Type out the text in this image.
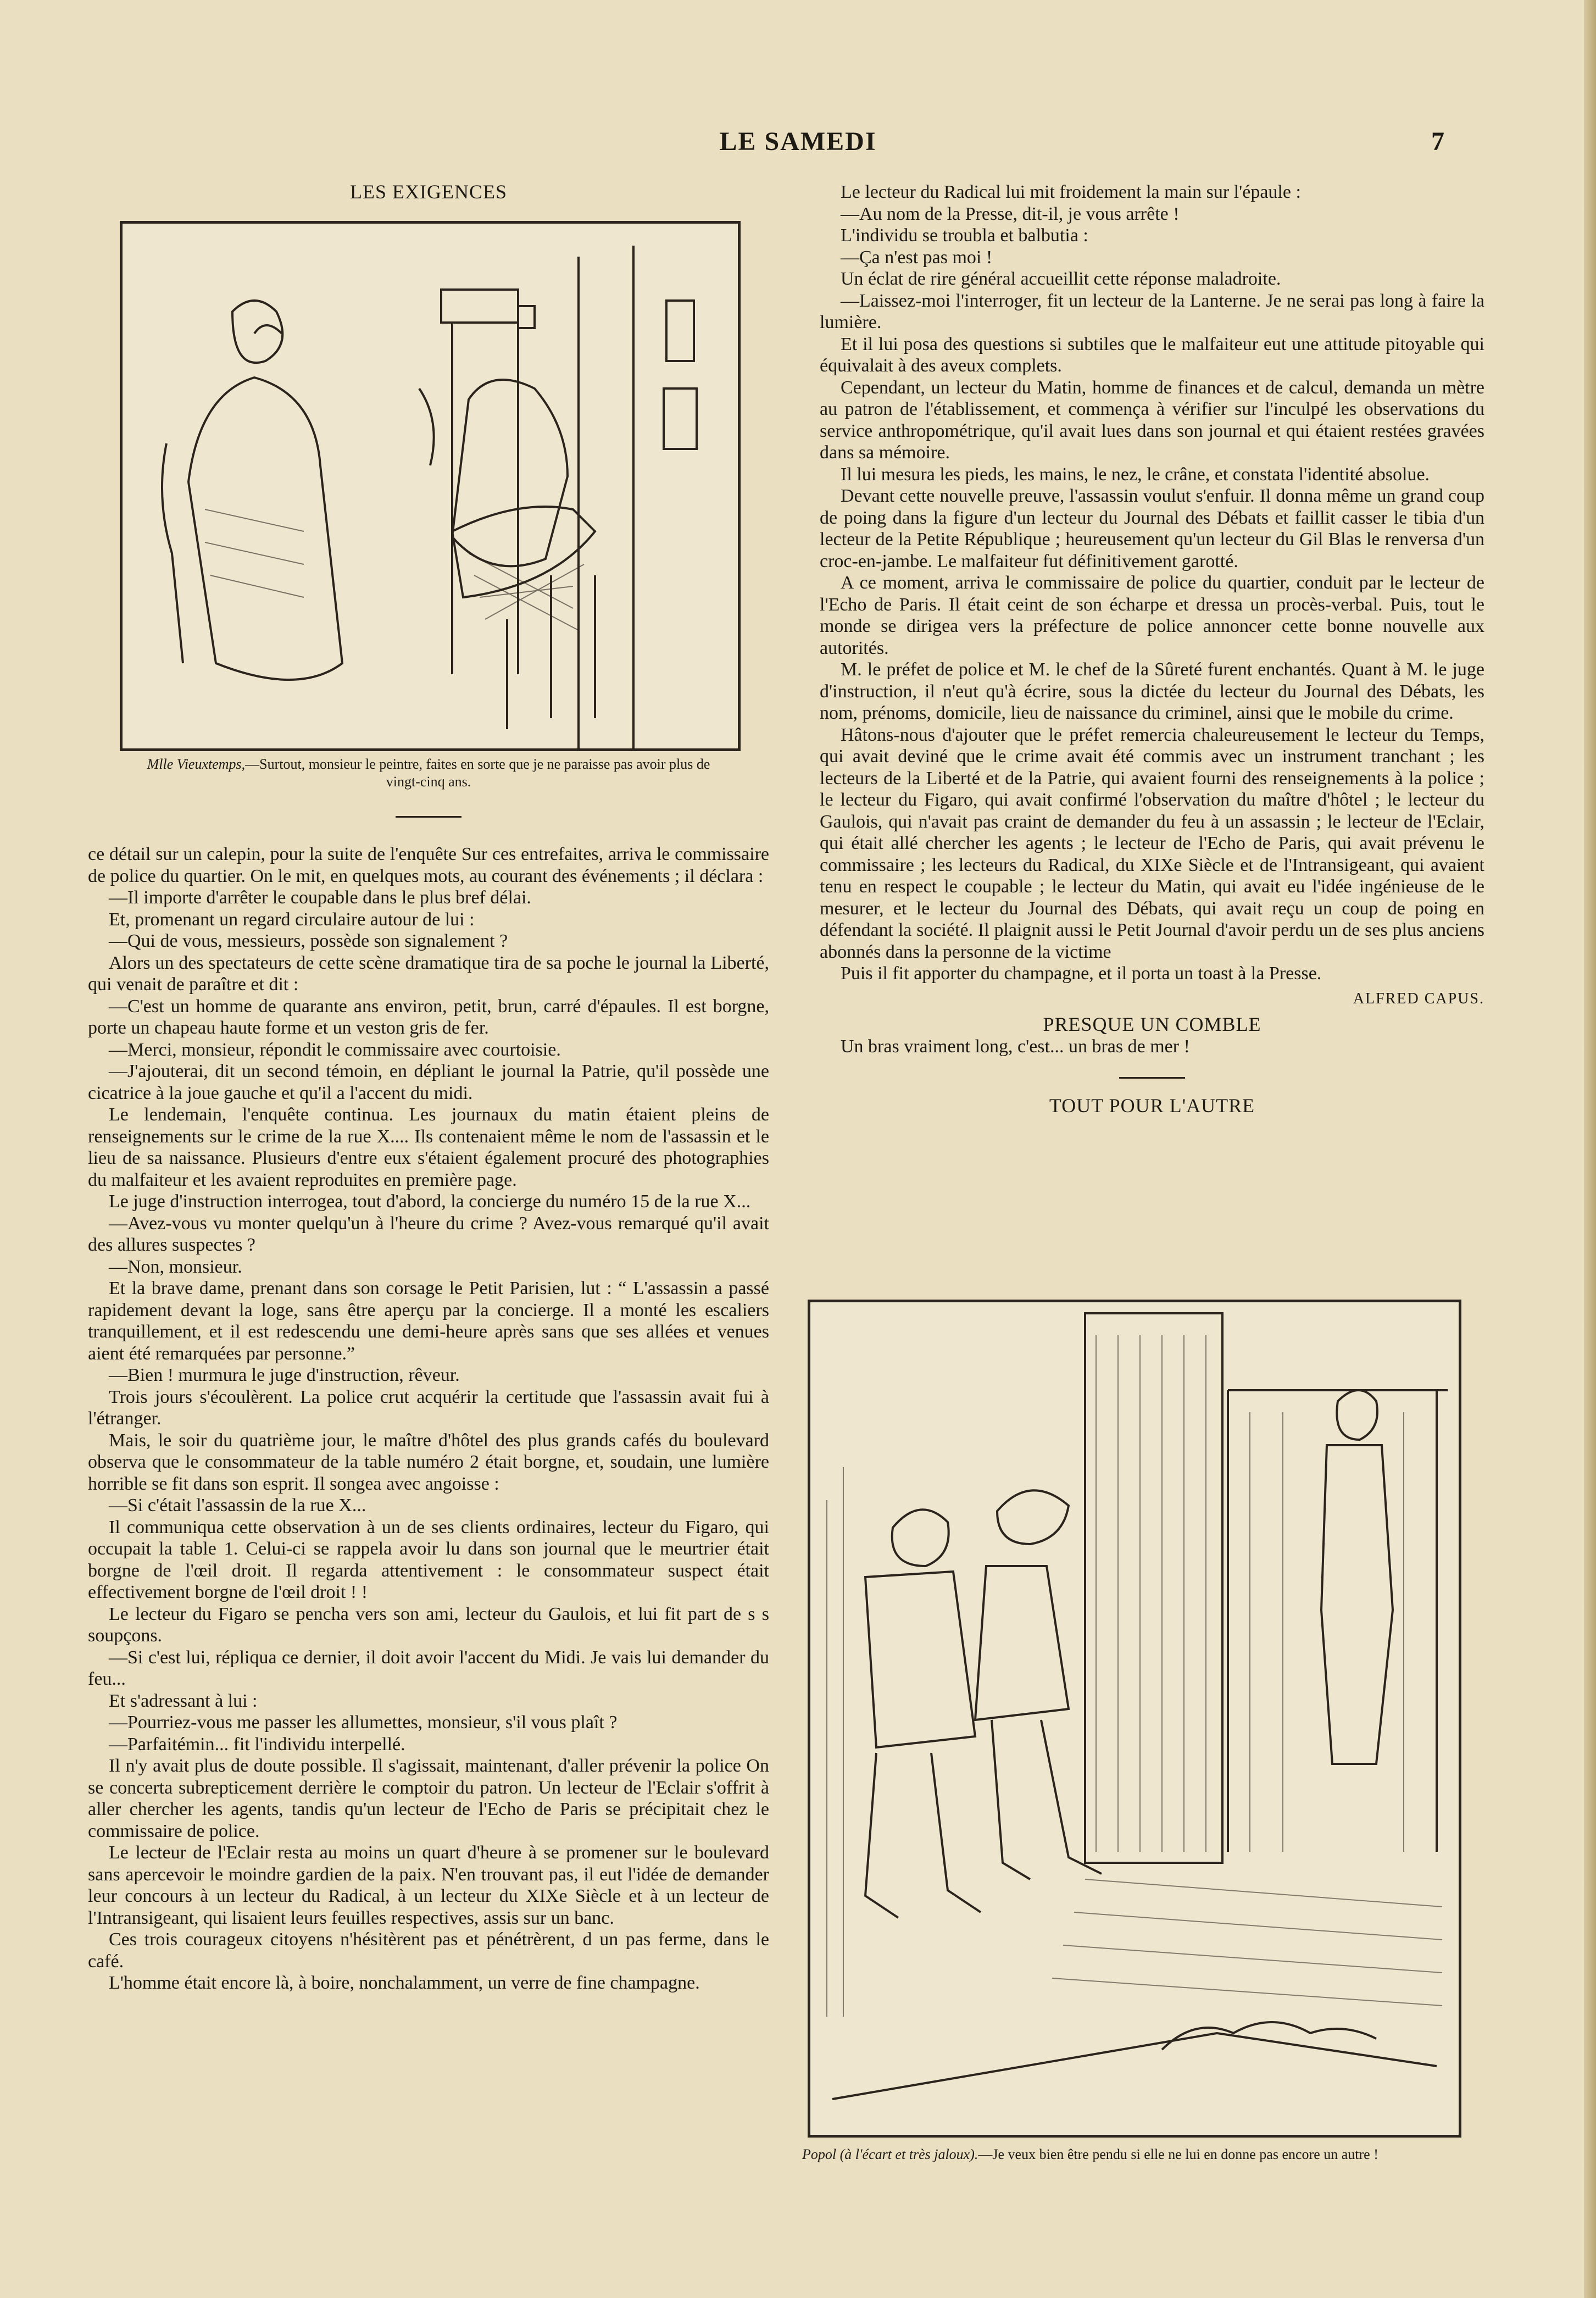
LE SAMEDI	7
LES EXIGENCES
Mlle Vieuxtemps,—Surtout, monsieur le peintre, faites en sorte que je ne paraisse pas avoir plus de vingt-cinq ans.

ce détail sur un calepin, pour la suite de l'enquête Sur ces entrefaites, arriva le commissaire de police du quartier. On le mit, en quelques mots, au courant des événements ; il déclara :

—Il importe d'arrêter le coupable dans le plus bref délai.

Et, promenant un regard circulaire autour de lui :

—Qui de vous, messieurs, possède son signalement ?

Alors un des spectateurs de cette scène dramatique tira de sa poche le journal la Liberté, qui venait de paraître et dit :

—C'est un homme de quarante ans environ, petit, brun, carré d'épaules. Il est borgne, porte un chapeau haute forme et un veston gris de fer.

—Merci, monsieur, répondit le commissaire avec courtoisie.

—J'ajouterai, dit un second témoin, en dépliant le journal la Patrie, qu'il possède une cicatrice à la joue gauche et qu'il a l'accent du midi.

Le lendemain, l'enquête continua. Les journaux du matin étaient pleins de renseignements sur le crime de la rue X.... Ils contenaient même le nom de l'assassin et le lieu de sa naissance. Plusieurs d'entre eux s'étaient également procuré des photographies du malfaiteur et les avaient reproduites en première page.

Le juge d'instruction interrogea, tout d'abord, la concierge du numéro 15 de la rue X...

—Avez-vous vu monter quelqu'un à l'heure du crime ? Avez-vous remarqué qu'il avait des allures suspectes ?

—Non, monsieur.

Et la brave dame, prenant dans son corsage le Petit Parisien, lut : “ L'assassin a passé rapidement devant la loge, sans être aperçu par la concierge. Il a monté les escaliers tranquillement, et il est redescendu une demi-heure après sans que ses allées et venues aient été remarquées par personne.”

—Bien ! murmura le juge d'instruction, rêveur.

Trois jours s'écoulèrent. La police crut acquérir la certitude que l'assassin avait fui à l'étranger.

Mais, le soir du quatrième jour, le maître d'hôtel des plus grands cafés du boulevard observa que le consommateur de la table numéro 2 était borgne, et, soudain, une lumière horrible se fit dans son esprit. Il songea avec angoisse :

—Si c'était l'assassin de la rue X...

Il communiqua cette observation à un de ses clients ordinaires, lecteur du Figaro, qui occupait la table 1. Celui-ci se rappela avoir lu dans son journal que le meurtrier était borgne de l'œil droit. Il regarda attentivement : le consommateur suspect était effectivement borgne de l'œil droit ! !

Le lecteur du Figaro se pencha vers son ami, lecteur du Gaulois, et lui fit part de s s soupçons.

—Si c'est lui, répliqua ce dernier, il doit avoir l'accent du Midi. Je vais lui demander du feu...

Et s'adressant à lui :

—Pourriez-vous me passer les allumettes, monsieur, s'il vous plaît ?

—Parfaitémin... fit l'individu interpellé.

Il n'y avait plus de doute possible. Il s'agissait, maintenant, d'aller prévenir la police On se concerta subrepticement derrière le comptoir du patron. Un lecteur de l'Eclair s'offrit à aller chercher les agents, tandis qu'un lecteur de l'Echo de Paris se précipitait chez le commissaire de police.

Le lecteur de l'Eclair resta au moins un quart d'heure à se promener sur le boulevard sans apercevoir le moindre gardien de la paix. N'en trouvant pas, il eut l'idée de demander leur concours à un lecteur du Radical, à un lecteur du XIXe Siècle et à un lecteur de l'Intransigeant, qui lisaient leurs feuilles respectives, assis sur un banc.

Ces trois courageux citoyens n'hésitèrent pas et pénétrèrent, d un pas ferme, dans le café.

L'homme était encore là, à boire, nonchalamment, un verre de fine champagne.

Le lecteur du Radical lui mit froidement la main sur l'épaule :

—Au nom de la Presse, dit-il, je vous arrête !

L'individu se troubla et balbutia :

—Ça n'est pas moi !

Un éclat de rire général accueillit cette réponse maladroite.

—Laissez-moi l'interroger, fit un lecteur de la Lanterne. Je ne serai pas long à faire la lumière.

Et il lui posa des questions si subtiles que le malfaiteur eut une attitude pitoyable qui équivalait à des aveux complets.

Cependant, un lecteur du Matin, homme de finances et de calcul, demanda un mètre au patron de l'établissement, et commença à vérifier sur l'inculpé les observations du service anthropométrique, qu'il avait lues dans son journal et qui étaient restées gravées dans sa mémoire.

Il lui mesura les pieds, les mains, le nez, le crâne, et constata l'identité absolue.

Devant cette nouvelle preuve, l'assassin voulut s'enfuir. Il donna même un grand coup de poing dans la figure d'un lecteur du Journal des Débats et faillit casser le tibia d'un lecteur de la Petite République ; heureusement qu'un lecteur du Gil Blas le renversa d'un croc-en-jambe. Le malfaiteur fut définitivement garotté.

A ce moment, arriva le commissaire de police du quartier, conduit par le lecteur de l'Echo de Paris. Il était ceint de son écharpe et dressa un procès-verbal. Puis, tout le monde se dirigea vers la préfecture de police annoncer cette bonne nouvelle aux autorités.

M. le préfet de police et M. le chef de la Sûreté furent enchantés. Quant à M. le juge d'instruction, il n'eut qu'à écrire, sous la dictée du lecteur du Journal des Débats, les nom, prénoms, domicile, lieu de naissance du criminel, ainsi que le mobile du crime.

Hâtons-nous d'ajouter que le préfet remercia chaleureusement le lecteur du Temps, qui avait deviné que le crime avait été commis avec un instrument tranchant ; les lecteurs de la Liberté et de la Patrie, qui avaient fourni des renseignements à la police ; le lecteur du Figaro, qui avait confirmé l'observation du maître d'hôtel ; le lecteur du Gaulois, qui n'avait pas craint de demander du feu à un assassin ; le lecteur de l'Eclair, qui était allé chercher les agents ; le lecteur de l'Echo de Paris, qui avait prévenu le commissaire ; les lecteurs du Radical, du XIXe Siècle et de l'Intransigeant, qui avaient tenu en respect le coupable ; le lecteur du Matin, qui avait eu l'idée ingénieuse de le mesurer, et le lecteur du Journal des Débats, qui avait reçu un coup de poing en défendant la société. Il plaignit aussi le Petit Journal d'avoir perdu un de ses plus anciens abonnés dans la personne de la victime

Puis il fit apporter du champagne, et il porta un toast à la Presse.

ALFRED CAPUS.
PRESQUE UN COMBLE

Un bras vraiment long, c'est... un bras de mer !

TOUT POUR L'AUTRE
Popol (à l'écart et très jaloux).—Je veux bien être pendu si elle ne lui en donne pas encore un autre !
